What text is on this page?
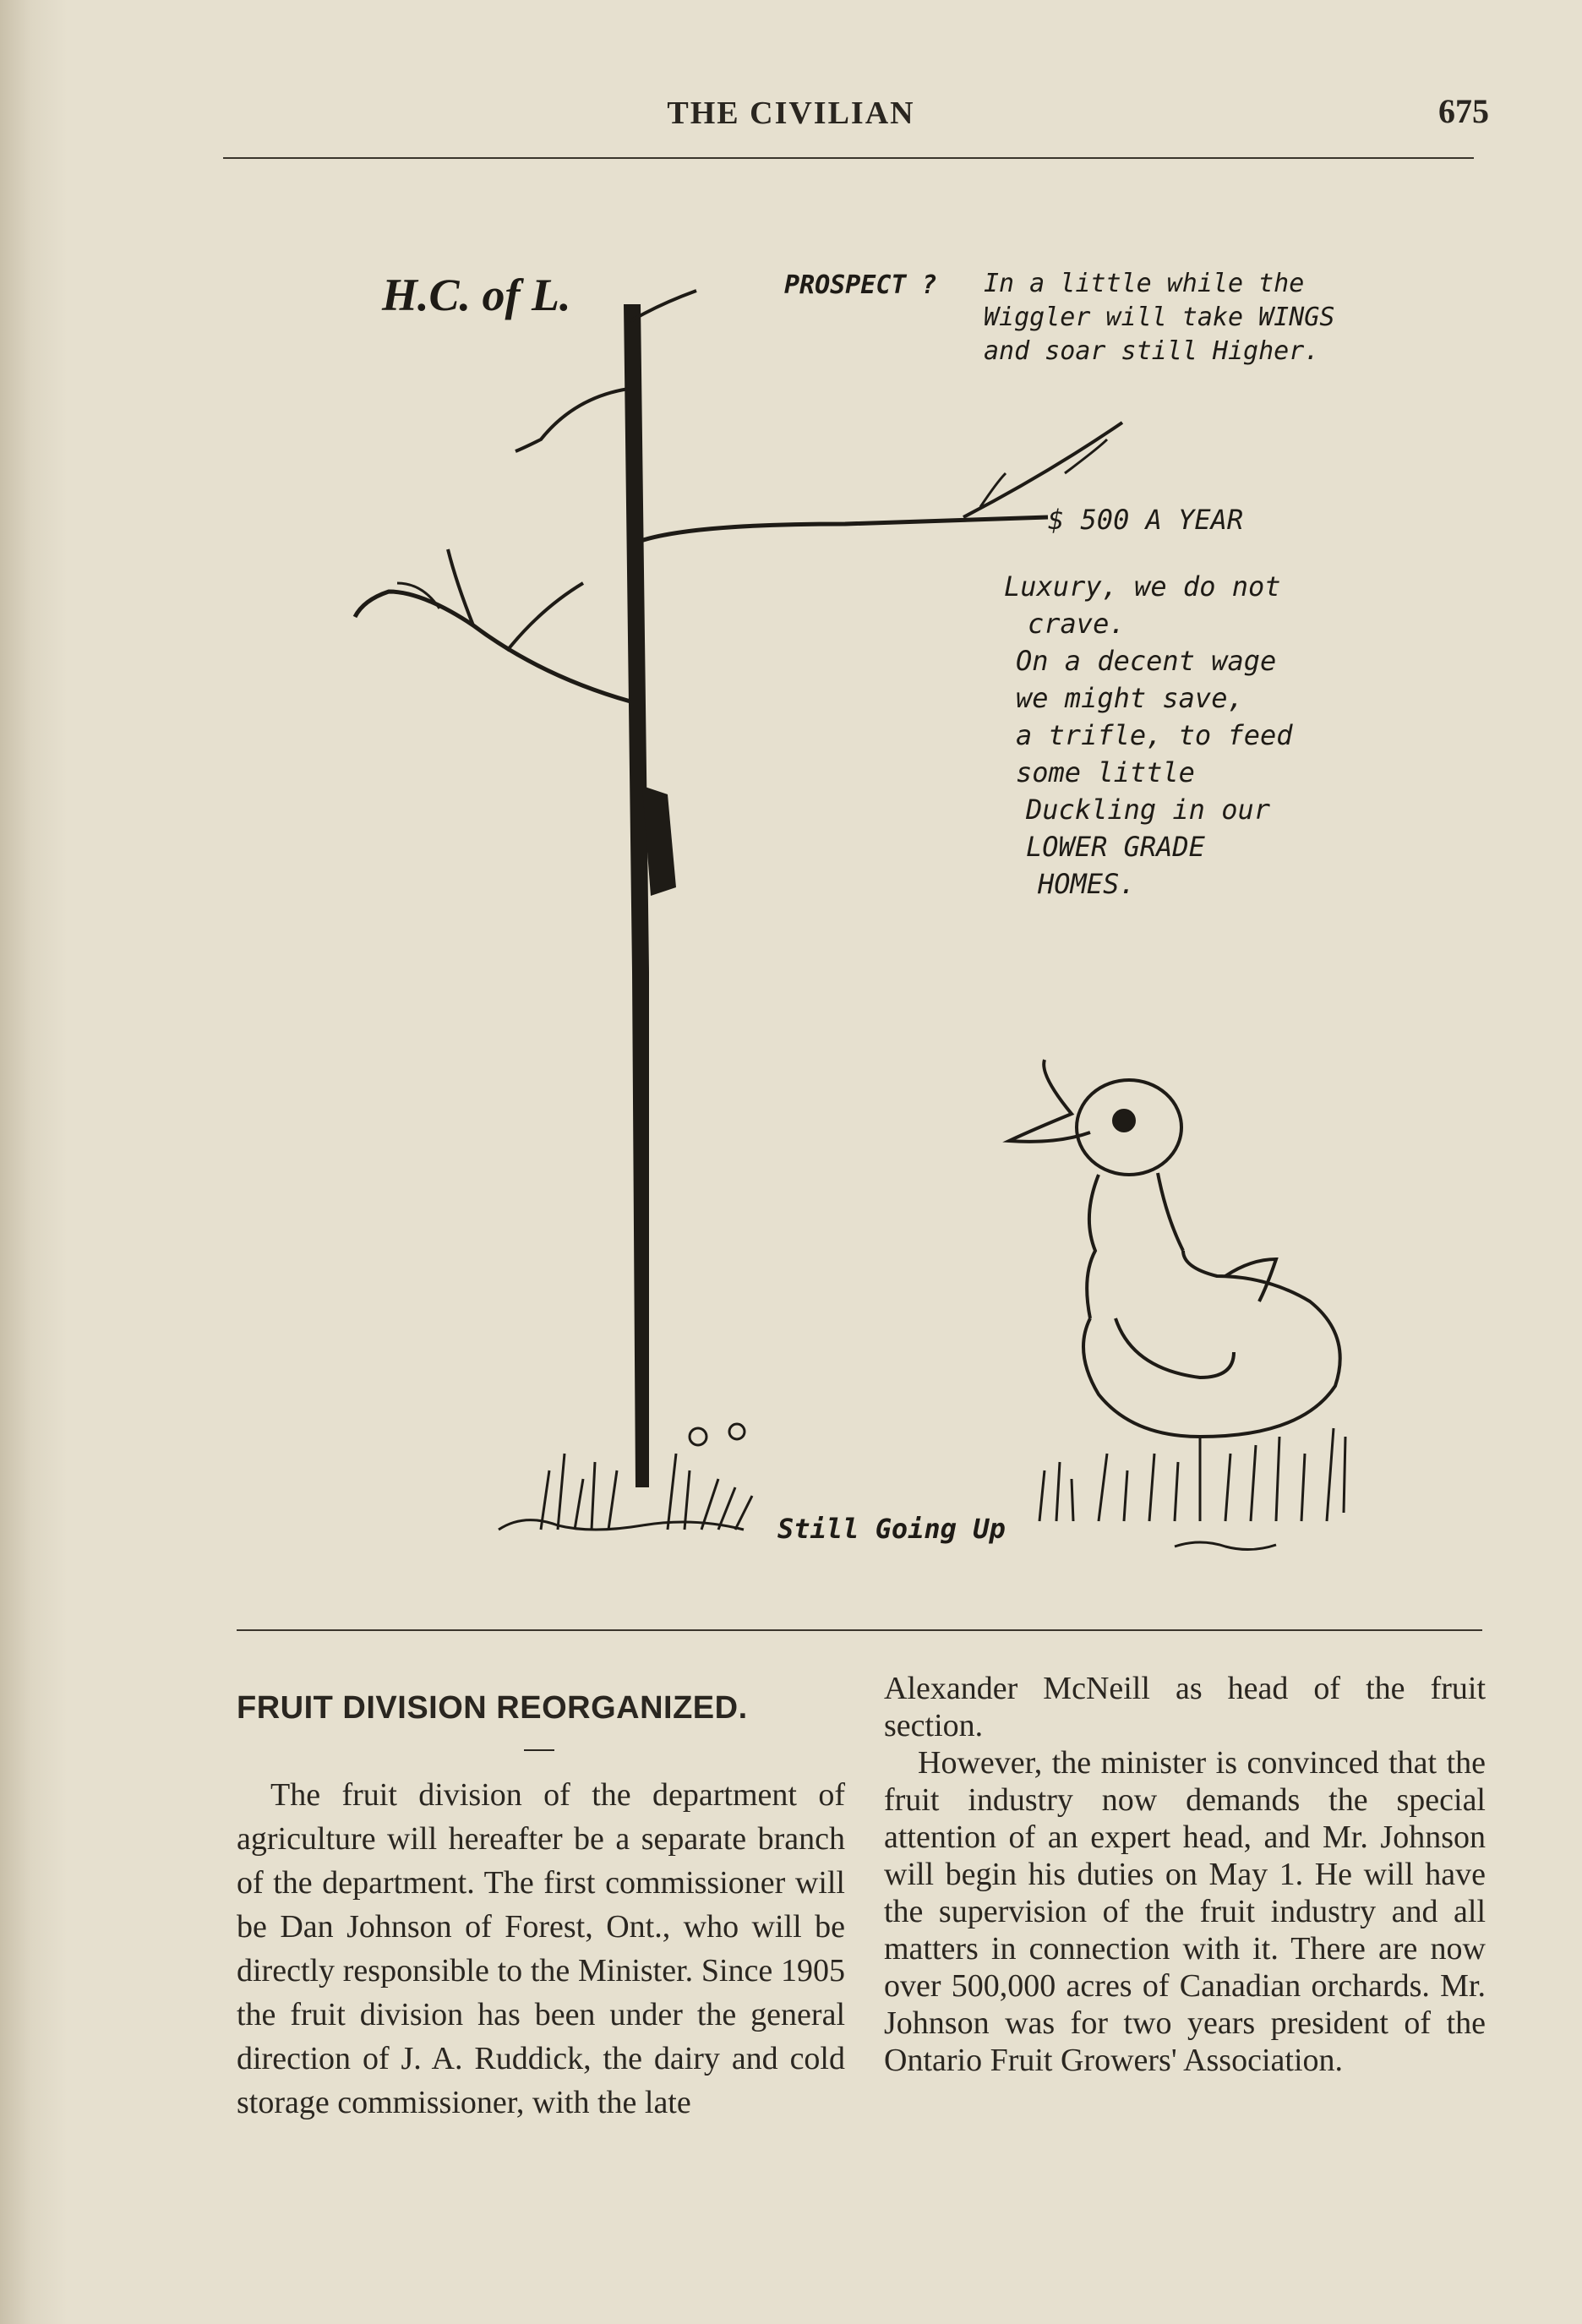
THE CIVILIAN	675
H.C. of L.	PROSPECT ? In a little while the
Wiggler will take WINGS
and soar still Higher.
$ 500 A YEAR
Luxury, we do not
crave.
On a decent wage
we might save,
a trifle, to feed
some little
Duckling in our
LOWER GRADE
HOMES.
Still Going Up
FRUIT DIVISION REORGANIZED.

The fruit division of the department of agriculture will hereafter be a separate branch of the department. The first commissioner will be Dan Johnson of Forest, Ont., who will be directly responsible to the Minister. Since 1905 the fruit division has been under the general direction of J. A. Ruddick, the dairy and cold storage commissioner, with the late

Alexander McNeill as head of the fruit section.

However, the minister is convinced that the fruit industry now demands the special attention of an expert head, and Mr. Johnson will begin his duties on May 1. He will have the supervision of the fruit industry and all matters in connection with it. There are now over 500,000 acres of Canadian orchards. Mr. Johnson was for two years president of the Ontario Fruit Growers' Association.
